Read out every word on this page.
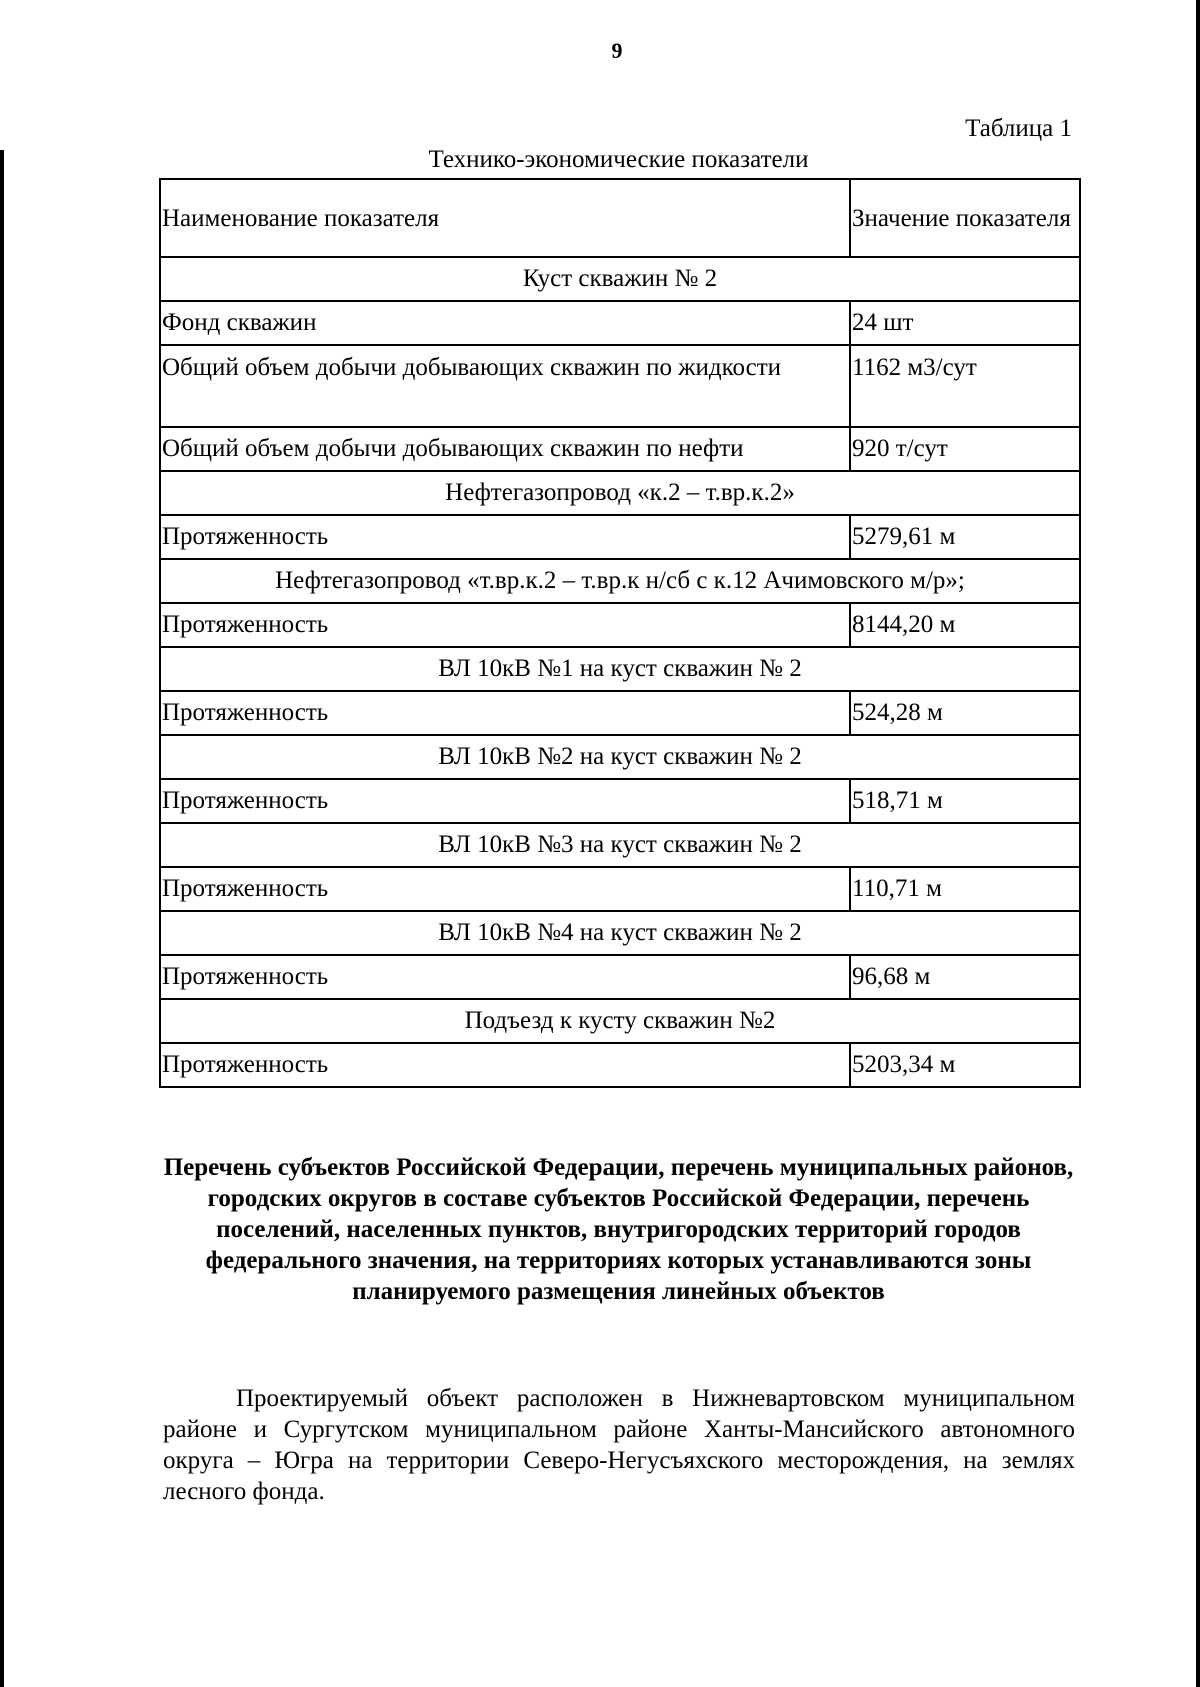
9
Таблица 1
Технико-экономические показатели
Наименование показателя	Значение показателя
Куст скважин № 2	
Фонд скважин	24 шт
Общий объем добычи добывающих скважин по жидкости	1162 м3/сут
Общий объем добычи добывающих скважин по нефти	920 т/сут
Нефтегазопровод «к.2 – т.вр.к.2»	
Протяженность	5279,61 м
Нефтегазопровод «т.вр.к.2 – т.вр.к н/сб с к.12 Ачимовского м/р»;	
Протяженность	8144,20 м
ВЛ 10кВ №1 на куст скважин № 2	
Протяженность	524,28 м
ВЛ 10кВ №2 на куст скважин № 2	
Протяженность	518,71 м
ВЛ 10кВ №3 на куст скважин № 2	
Протяженность	110,71 м
ВЛ 10кВ №4 на куст скважин № 2	
Протяженность	96,68 м
Подъезд к кусту скважин №2	
Протяженность	5203,34 м
Перечень субъектов Российской Федерации, перечень муниципальных районов, городских округов в составе субъектов Российской Федерации, перечень поселений, населенных пунктов, внутригородских территорий городов федерального значения, на территориях которых устанавливаются зоны планируемого размещения линейных объектов
Проектируемый объект расположен в Нижневартовском муниципальном районе и Сургутском муниципальном районе Ханты-Мансийского автономного округа – Югра на территории Северо-Негусъяхского месторождения, на землях лесного фонда.
